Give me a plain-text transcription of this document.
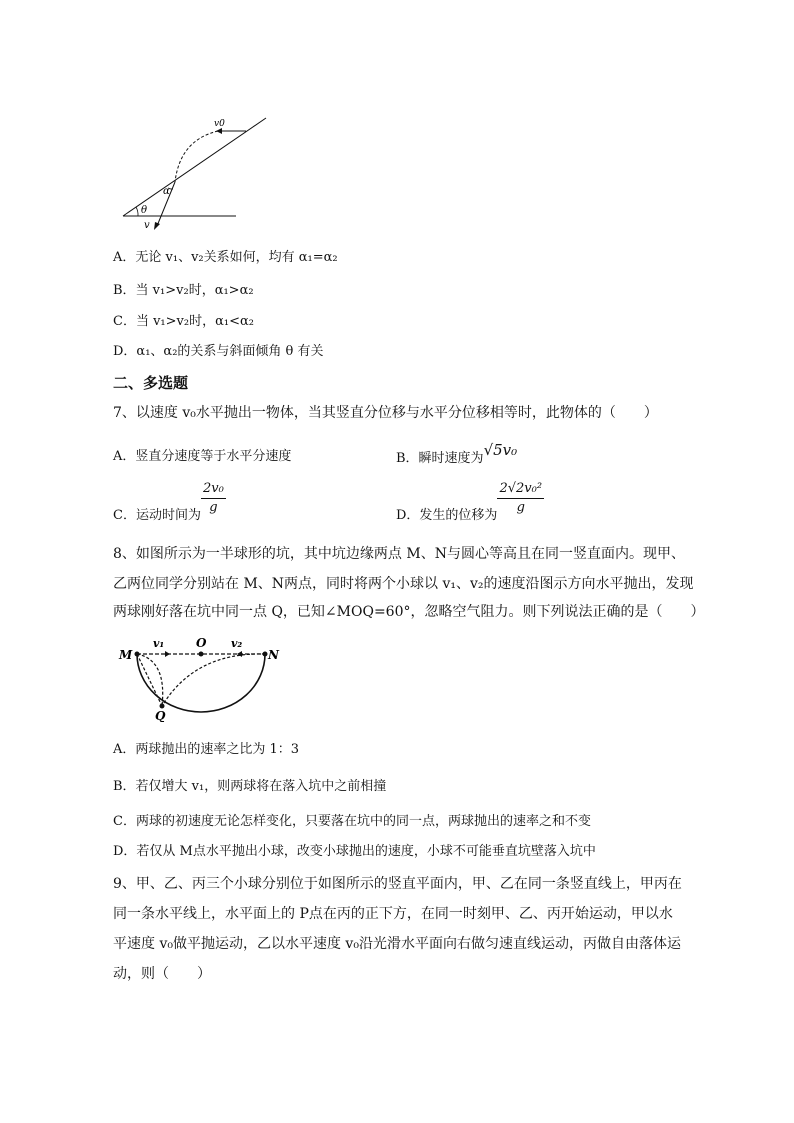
v0
α
θ
v
A．无论 v₁、v₂关系如何，均有 α₁=α₂
B．当 v₁>v₂时，α₁>α₂
C．当 v₁>v₂时，α₁<α₂
D．α₁、α₂的关系与斜面倾角 θ 有关
二、多选题
7、以速度 v₀水平抛出一物体，当其竖直分位移与水平分位移相等时，此物体的（　　）
A．竖直分速度等于水平分速度	B．瞬时速度为√5v₀
C．运动时间为 $\frac{\text{2v₀}}{g}$	D．发生的位移为 $\frac{\text{2√2v₀²}}{g}$
8、如图所示为一半球形的坑，其中坑边缘两点 M、N与圆心等高且在同一竖直面内。现甲、
乙两位同学分别站在 M、N两点，同时将两个小球以 v₁、v₂的速度沿图示方向水平抛出，发现
两球刚好落在坑中同一点 Q，已知∠MOQ=60°，忽略空气阻力。则下列说法正确的是（　　）
M
O
N
Q
v₁	v₂
A．两球抛出的速率之比为 1：3
B．若仅增大 v₁，则两球将在落入坑中之前相撞
C．两球的初速度无论怎样变化，只要落在坑中的同一点，两球抛出的速率之和不变
D．若仅从 M点水平抛出小球，改变小球抛出的速度，小球不可能垂直坑壁落入坑中
9、甲、乙、丙三个小球分别位于如图所示的竖直平面内，甲、乙在同一条竖直线上，甲丙在
同一条水平线上，水平面上的 P点在丙的正下方，在同一时刻甲、乙、丙开始运动，甲以水
平速度 v₀做平抛运动，乙以水平速度 v₀沿光滑水平面向右做匀速直线运动，丙做自由落体运
动，则（　　）
